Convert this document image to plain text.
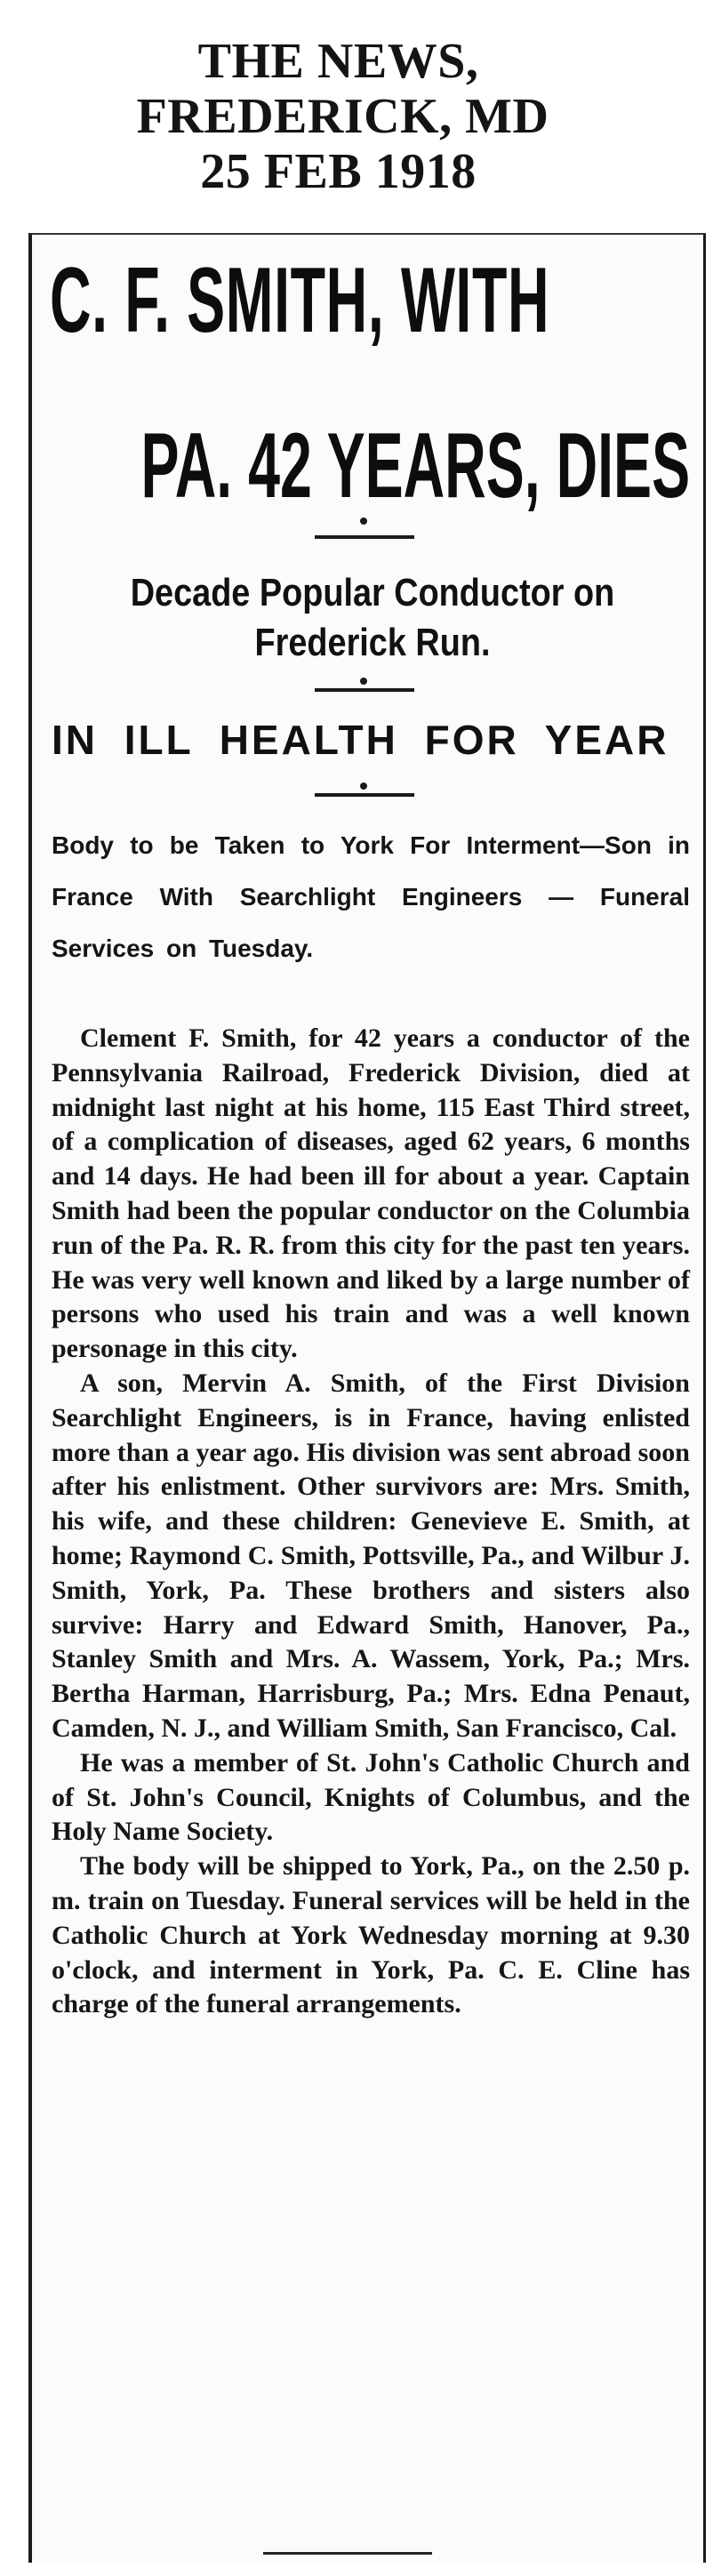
THE NEWS,
FREDERICK, MD
25 FEB 1918
C. F. SMITH, WITH
PA. 42 YEARS, DIES
Decade Popular Conductor on Frederick Run.
IN ILL HEALTH FOR YEAR
Body to be Taken to York For Interment—Son in France With Searchlight Engineers — Funeral Services on Tuesday.

Clement F. Smith, for 42 years a conductor of the Pennsylvania Railroad, Frederick Division, died at midnight last night at his home, 115 East Third street, of a complication of diseases, aged 62 years, 6 months and 14 days. He had been ill for about a year. Captain Smith had been the popular conductor on the Columbia run of the Pa. R. R. from this city for the past ten years. He was very well known and liked by a large number of persons who used his train and was a well known personage in this city.

A son, Mervin A. Smith, of the First Division Searchlight Engineers, is in France, having enlisted more than a year ago. His division was sent abroad soon after his enlistment. Other survivors are: Mrs. Smith, his wife, and these children: Genevieve E. Smith, at home; Raymond C. Smith, Pottsville, Pa., and Wilbur J. Smith, York, Pa. These brothers and sisters also survive: Harry and Edward Smith, Hanover, Pa., Stanley Smith and Mrs. A. Wassem, York, Pa.; Mrs. Bertha Harman, Harrisburg, Pa.; Mrs. Edna Penaut, Camden, N. J., and William Smith, San Francisco, Cal.

He was a member of St. John's Catholic Church and of St. John's Council, Knights of Columbus, and the Holy Name Society.

The body will be shipped to York, Pa., on the 2.50 p. m. train on Tuesday. Funeral services will be held in the Catholic Church at York Wednesday morning at 9.30 o'clock, and interment in York, Pa. C. E. Cline has charge of the funeral arrangements.
